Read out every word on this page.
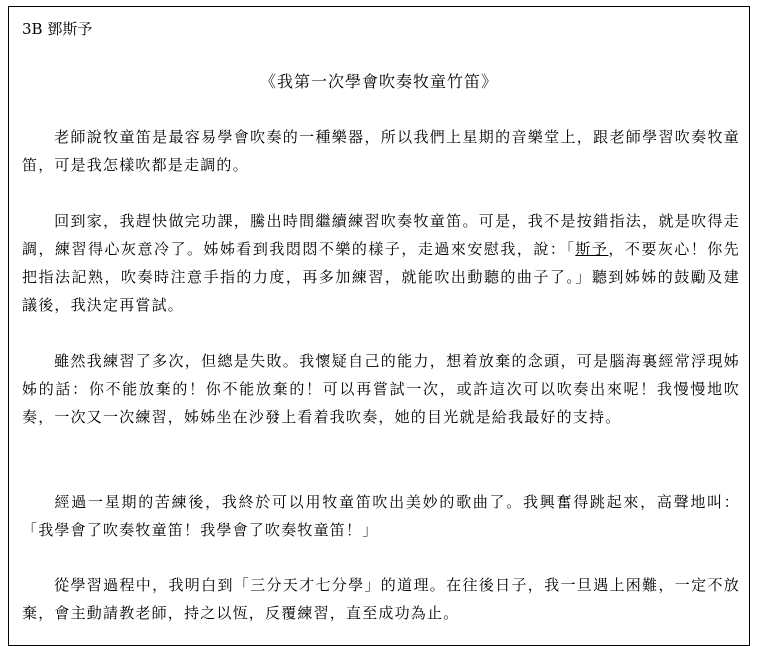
3B 鄧斯予
《我第一次學會吹奏牧童竹笛》
老師說牧童笛是最容易學會吹奏的一種樂器，所以我們上星期的音樂堂上，跟老師學習吹奏牧童笛，可是我怎樣吹都是走調的。
回到家，我趕快做完功課，騰出時間繼續練習吹奏牧童笛。可是，我不是按錯指法，就是吹得走調，練習得心灰意冷了。姊姊看到我悶悶不樂的樣子，走過來安慰我，說：「斯予，不要灰心！你先把指法記熟，吹奏時注意手指的力度，再多加練習，就能吹出動聽的曲子了。」聽到姊姊的鼓勵及建議後，我決定再嘗試。
雖然我練習了多次，但總是失敗。我懷疑自己的能力，想着放棄的念頭，可是腦海裏經常浮現姊姊的話：你不能放棄的！你不能放棄的！可以再嘗試一次，或許這次可以吹奏出來呢！我慢慢地吹奏，一次又一次練習，姊姊坐在沙發上看着我吹奏，她的目光就是給我最好的支持。
經過一星期的苦練後，我終於可以用牧童笛吹出美妙的歌曲了。我興奮得跳起來，高聲地叫：「我學會了吹奏牧童笛！我學會了吹奏牧童笛！」
從學習過程中，我明白到「三分天才七分學」的道理。在往後日子，我一旦遇上困難，一定不放棄，會主動請教老師，持之以恆，反覆練習，直至成功為止。
